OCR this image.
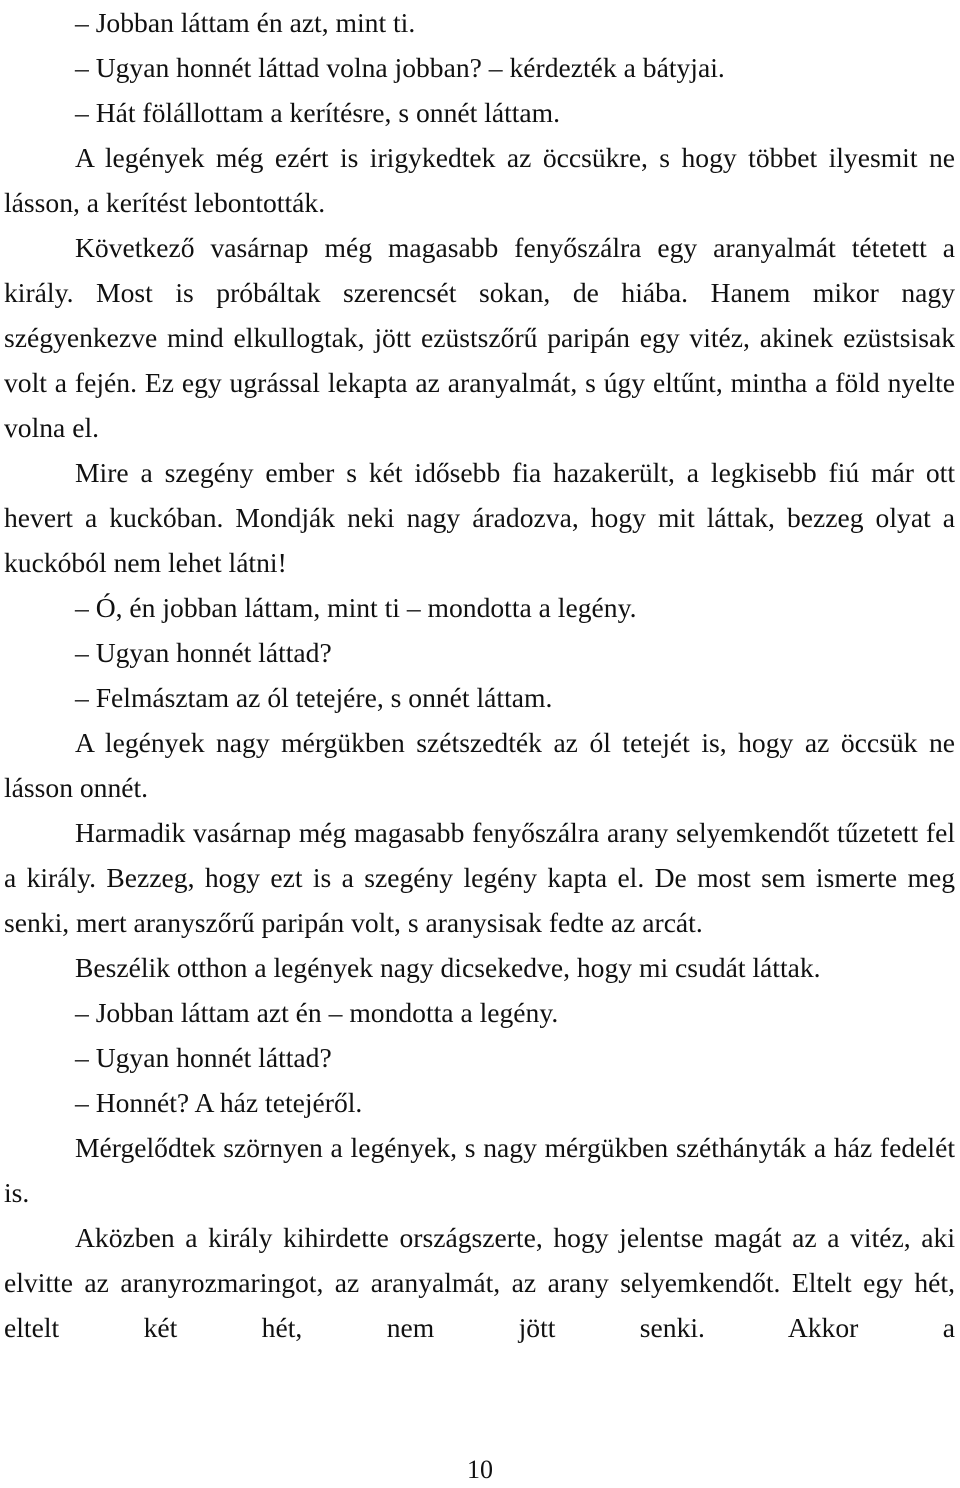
– Jobban láttam én azt, mint ti.

– Ugyan honnét láttad volna jobban? – kérdezték a bátyjai.

– Hát fölállottam a kerítésre, s onnét láttam.

A legények még ezért is irigykedtek az öccsükre, s hogy többet ilyesmit ne lásson, a kerítést lebontották.

Következő vasárnap még magasabb fenyőszálra egy aranyalmát tétetett a király. Most is próbáltak szerencsét sokan, de hiába. Hanem mikor nagy szégyenkezve mind elkullogtak, jött ezüstszőrű paripán egy vitéz, akinek ezüstsisak volt a fején. Ez egy ugrással lekapta az aranyalmát, s úgy eltűnt, mintha a föld nyelte volna el.

Mire a szegény ember s két idősebb fia hazakerült, a legkisebb fiú már ott hevert a kuckóban. Mondják neki nagy áradozva, hogy mit láttak, bezzeg olyat a kuckóból nem lehet látni!

– Ó, én jobban láttam, mint ti – mondotta a legény.

– Ugyan honnét láttad?

– Felmásztam az ól tetejére, s onnét láttam.

A legények nagy mérgükben szétszedték az ól tetejét is, hogy az öccsük ne lásson onnét.

Harmadik vasárnap még magasabb fenyőszálra arany selyemkendőt tűzetett fel a király. Bezzeg, hogy ezt is a szegény legény kapta el. De most sem ismerte meg senki, mert aranyszőrű paripán volt, s aranysisak fedte az arcát.

Beszélik otthon a legények nagy dicsekedve, hogy mi csudát láttak.

– Jobban láttam azt én – mondotta a legény.

– Ugyan honnét láttad?

– Honnét? A ház tetejéről.

Mérgelődtek szörnyen a legények, s nagy mérgükben széthányták a ház fedelét is.

Aközben a király kihirdette országszerte, hogy jelentse magát az a vitéz, aki elvitte az aranyrozmaringot, az aranyalmát, az arany selyemkendőt. Eltelt egy hét, eltelt két hét, nem jött senki. Akkor a

10
